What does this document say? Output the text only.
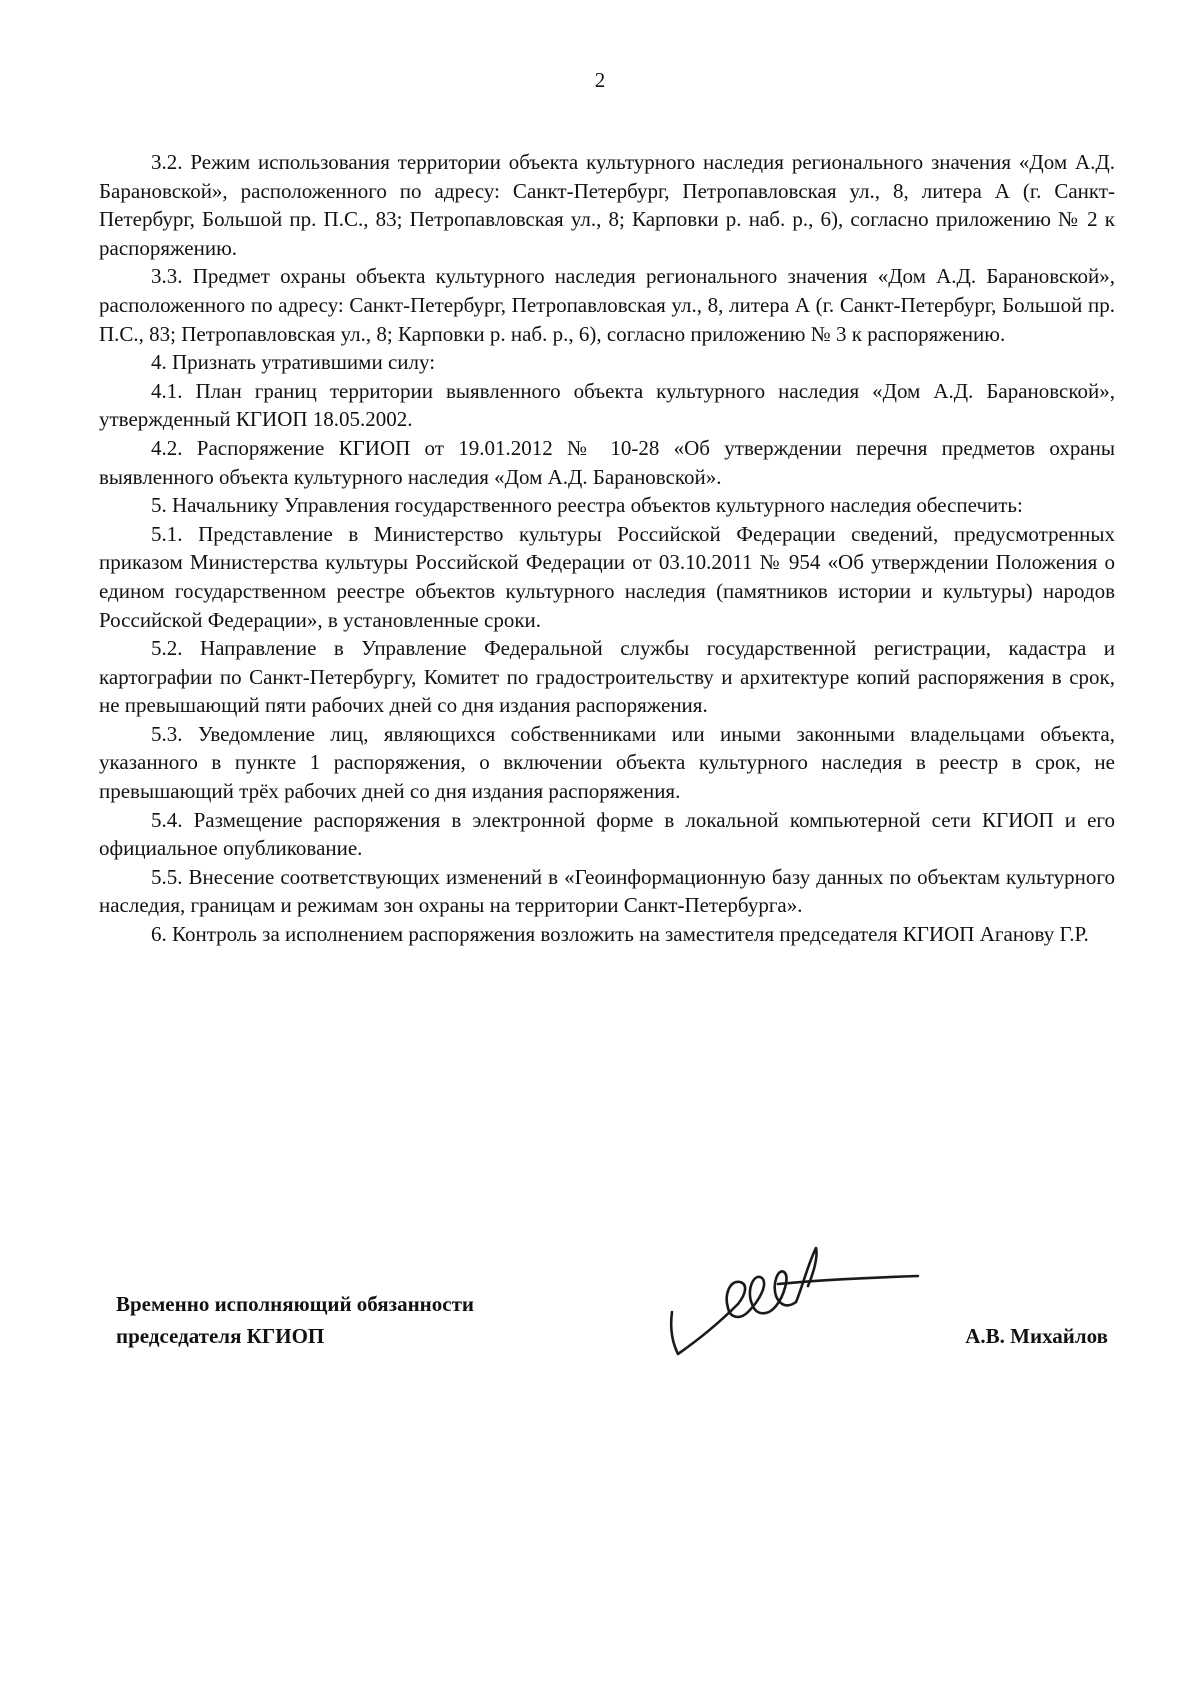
2

3.2. Режим использования территории объекта культурного наследия регионального значения «Дом А.Д. Барановской», расположенного по адресу: Санкт-Петербург, Петропавловская ул., 8, литера А (г. Санкт-Петербург, Большой пр. П.С., 83; Петропавловская ул., 8; Карповки р. наб. р., 6), согласно приложению № 2 к распоряжению.

3.3. Предмет охраны объекта культурного наследия регионального значения «Дом А.Д. Барановской», расположенного по адресу: Санкт-Петербург, Петропавловская ул., 8, литера А (г. Санкт-Петербург, Большой пр. П.С., 83; Петропавловская ул., 8; Карповки р. наб. р., 6), согласно приложению № 3 к распоряжению.

4. Признать утратившими силу:

4.1. План границ территории выявленного объекта культурного наследия «Дом А.Д. Барановской», утвержденный КГИОП 18.05.2002.

4.2. Распоряжение КГИОП от 19.01.2012 № 10-28 «Об утверждении перечня предметов охраны выявленного объекта культурного наследия «Дом А.Д. Барановской».

5. Начальнику Управления государственного реестра объектов культурного наследия обеспечить:

5.1. Представление в Министерство культуры Российской Федерации сведений, предусмотренных приказом Министерства культуры Российской Федерации от 03.10.2011 № 954 «Об утверждении Положения о едином государственном реестре объектов культурного наследия (памятников истории и культуры) народов Российской Федерации», в установленные сроки.

5.2. Направление в Управление Федеральной службы государственной регистрации, кадастра и картографии по Санкт-Петербургу, Комитет по градостроительству и архитектуре копий распоряжения в срок, не превышающий пяти рабочих дней со дня издания распоряжения.

5.3. Уведомление лиц, являющихся собственниками или иными законными владельцами объекта, указанного в пункте 1 распоряжения, о включении объекта культурного наследия в реестр в срок, не превышающий трёх рабочих дней со дня издания распоряжения.

5.4. Размещение распоряжения в электронной форме в локальной компьютерной сети КГИОП и его официальное опубликование.

5.5. Внесение соответствующих изменений в «Геоинформационную базу данных по объектам культурного наследия, границам и режимам зон охраны на территории Санкт-Петербурга».

6. Контроль за исполнением распоряжения возложить на заместителя председателя КГИОП Аганову Г.Р.

Временно исполняющий обязанности
председателя КГИОП	А.В. Михайлов
